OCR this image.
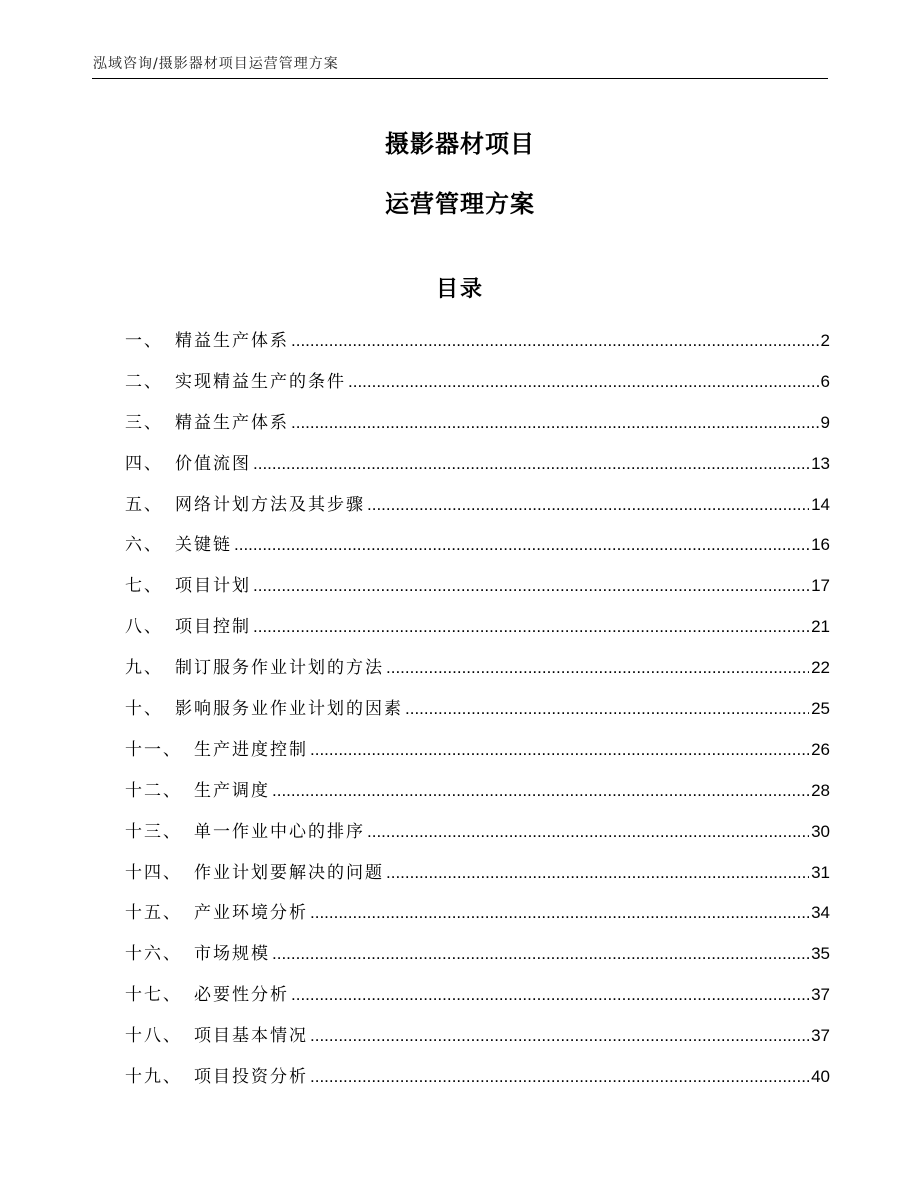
泓域咨询/摄影器材项目运营管理方案
摄影器材项目
运营管理方案
目录
一、 精益生产体系 .....	2
二、 实现精益生产的条件 .....	6
三、 精益生产体系 .....	9
四、 价值流图 .....	13
五、 网络计划方法及其步骤 .....	14
六、 关键链 .....	16
七、 项目计划 .....	17
八、 项目控制 .....	21
九、 制订服务作业计划的方法 .....	22
十、 影响服务业作业计划的因素 .....	25
十一、 生产进度控制 .....	26
十二、 生产调度 .....	28
十三、 单一作业中心的排序 .....	30
十四、 作业计划要解决的问题 .....	31
十五、 产业环境分析 .....	34
十六、 市场规模 .....	35
十七、 必要性分析 .....	37
十八、 项目基本情况 .....	37
十九、 项目投资分析 .....	40
